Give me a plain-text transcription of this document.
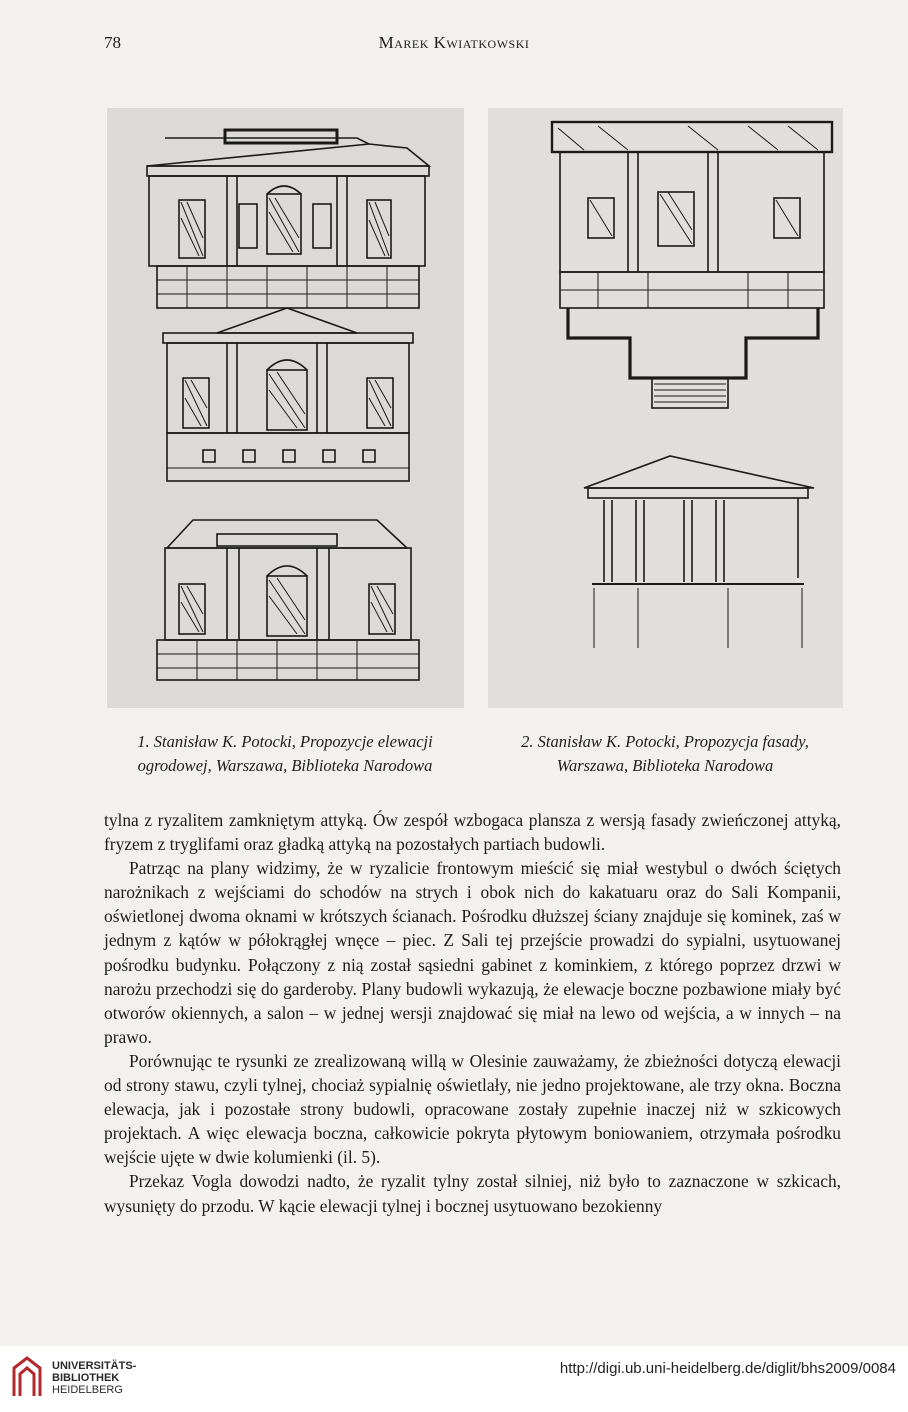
78	Marek Kwiatkowski
1. Stanisław K. Potocki, Propozycje elewacji
ogrodowej, Warszawa, Biblioteka Narodowa
2. Stanisław K. Potocki, Propozycja fasady,
Warszawa, Biblioteka Narodowa

tylna z ryzalitem zamkniętym attyką. Ów zespół wzbogaca plansza z wersją fasady zwieńczonej attyką, fryzem z tryglifami oraz gładką attyką na pozostałych partiach budowli.

Patrząc na plany widzimy, że w ryzalicie frontowym mieścić się miał westybul o dwóch ściętych narożnikach z wejściami do schodów na strych i obok nich do kakatuaru oraz do Sali Kompanii, oświetlonej dwoma oknami w krótszych ścianach. Pośrodku dłuższej ściany znajduje się kominek, zaś w jednym z kątów w półokrągłej wnęce – piec. Z Sali tej przejście prowadzi do sypialni, usytuowanej pośrodku budynku. Połączony z nią został sąsiedni gabinet z kominkiem, z którego poprzez drzwi w narożu przechodzi się do garderoby. Plany budowli wykazują, że elewacje boczne pozbawione miały być otworów okiennych, a salon – w jednej wersji znajdować się miał na lewo od wejścia, a w innych – na prawo.

Porównując te rysunki ze zrealizowaną willą w Olesinie zauważamy, że zbieżności dotyczą elewacji od strony stawu, czyli tylnej, chociaż sypialnię oświetlały, nie jedno projektowane, ale trzy okna. Boczna elewacja, jak i pozostałe strony budowli, opracowane zostały zupełnie inaczej niż w szkicowych projektach. A więc elewacja boczna, całkowicie pokryta płytowym boniowaniem, otrzymała pośrodku wejście ujęte w dwie kolumienki (il. 5).

Przekaz Vogla dowodzi nadto, że ryzalit tylny został silniej, niż było to zaznaczone w szkicach, wysunięty do przodu. W kącie elewacji tylnej i bocznej usytuowano bezokienny

UNIVERSITÄTS-
BIBLIOTHEK
HEIDELBERG
http://digi.ub.uni-heidelberg.de/diglit/bhs2009/0084
